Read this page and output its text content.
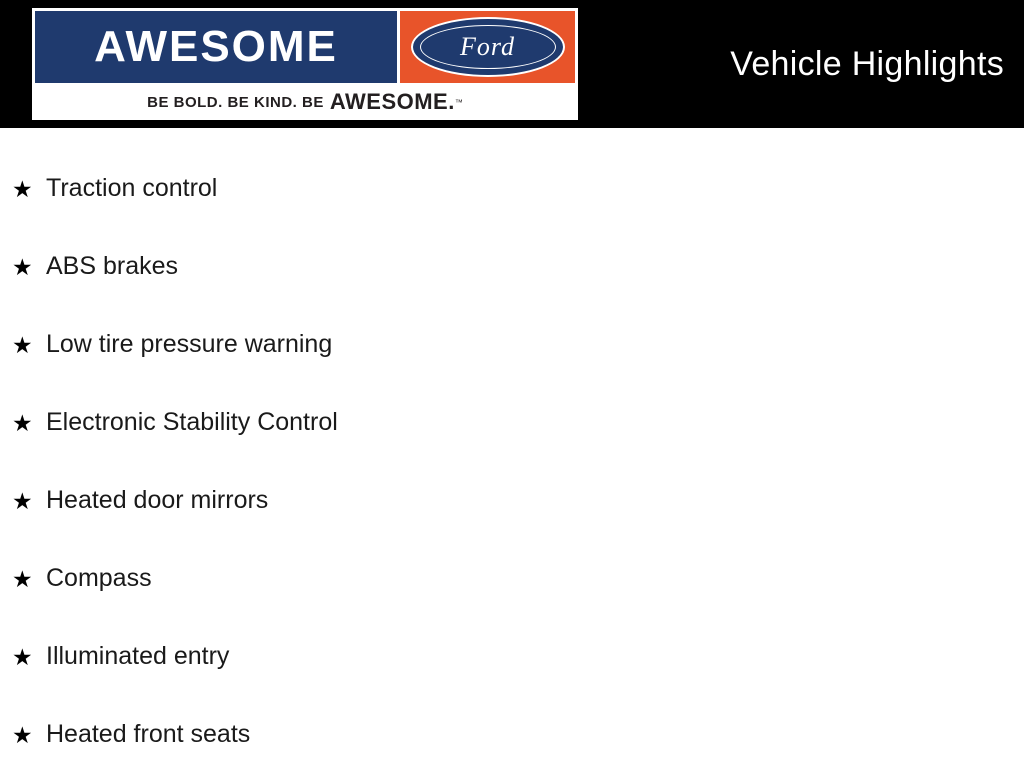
AWESOME	Ford
BE BOLD. BE KIND. BE AWESOME. ™
Vehicle Highlights
★ Traction control
★ ABS brakes
★ Low tire pressure warning
★ Electronic Stability Control
★ Heated door mirrors
★ Compass
★ Illuminated entry
★ Heated front seats
